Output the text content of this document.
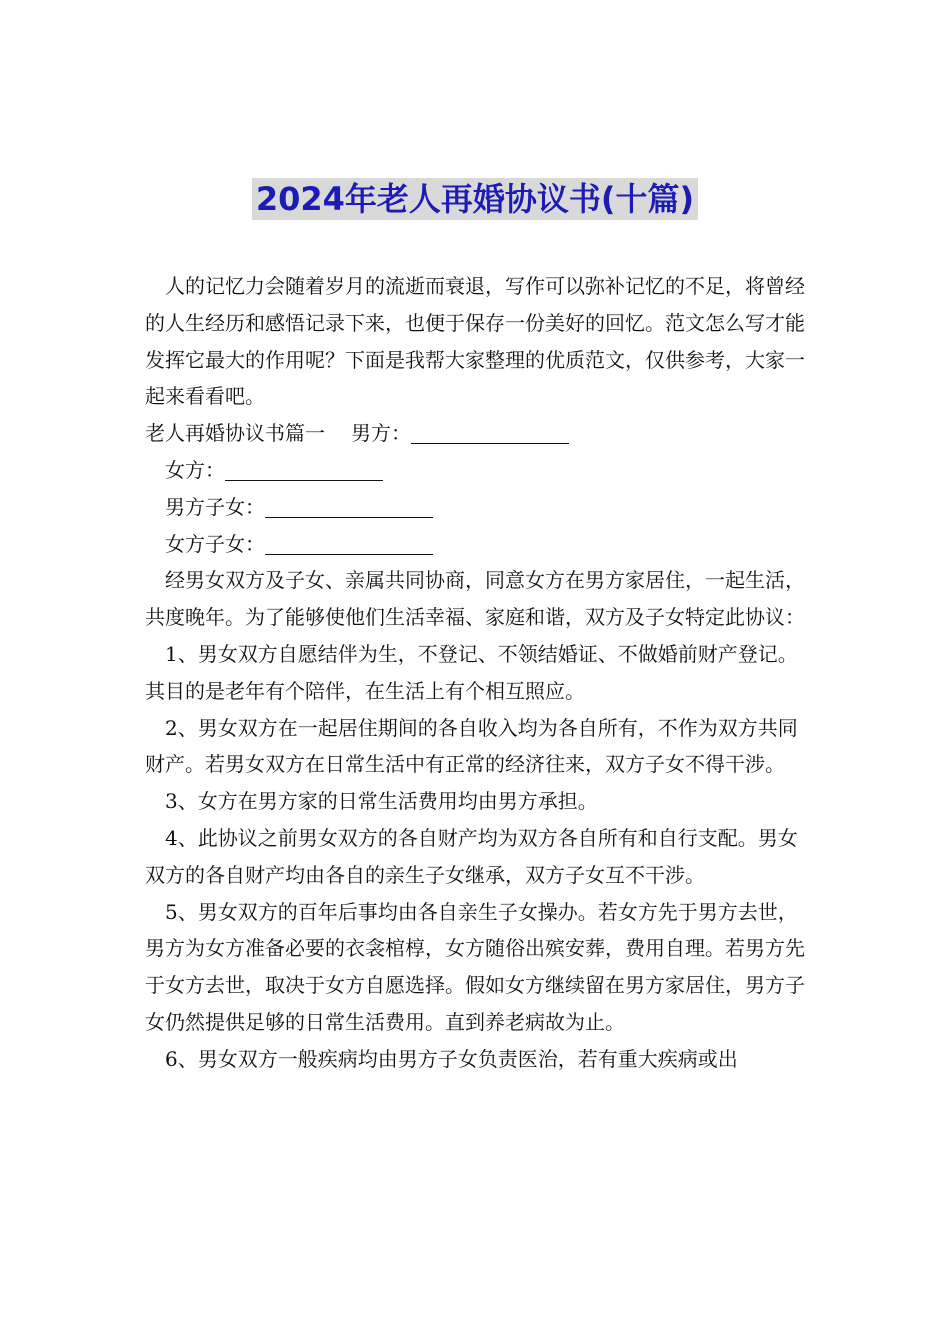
2024年老人再婚协议书(十篇)

人的记忆力会随着岁月的流逝而衰退，写作可以弥补记忆的不足，将曾经的人生经历和感悟记录下来，也便于保存一份美好的回忆。范文怎么写才能发挥它最大的作用呢？下面是我帮大家整理的优质范文，仅供参考，大家一起来看看吧。

老人再婚协议书篇一 男方：

女方：

男方子女：

女方子女：

经男女双方及子女、亲属共同协商，同意女方在男方家居住，一起生活，共度晚年。为了能够使他们生活幸福、家庭和谐，双方及子女特定此协议：

1、男女双方自愿结伴为生，不登记、不领结婚证、不做婚前财产登记。其目的是老年有个陪伴，在生活上有个相互照应。

2、男女双方在一起居住期间的各自收入均为各自所有，不作为双方共同财产。若男女双方在日常生活中有正常的经济往来，双方子女不得干涉。

3、女方在男方家的日常生活费用均由男方承担。

4、此协议之前男女双方的各自财产均为双方各自所有和自行支配。男女双方的各自财产均由各自的亲生子女继承，双方子女互不干涉。

5、男女双方的百年后事均由各自亲生子女操办。若女方先于男方去世，男方为女方准备必要的衣衾棺椁，女方随俗出殡安葬，费用自理。若男方先于女方去世，取决于女方自愿选择。假如女方继续留在男方家居住，男方子女仍然提供足够的日常生活费用。直到养老病故为止。

6、男女双方一般疾病均由男方子女负责医治，若有重大疾病或出
